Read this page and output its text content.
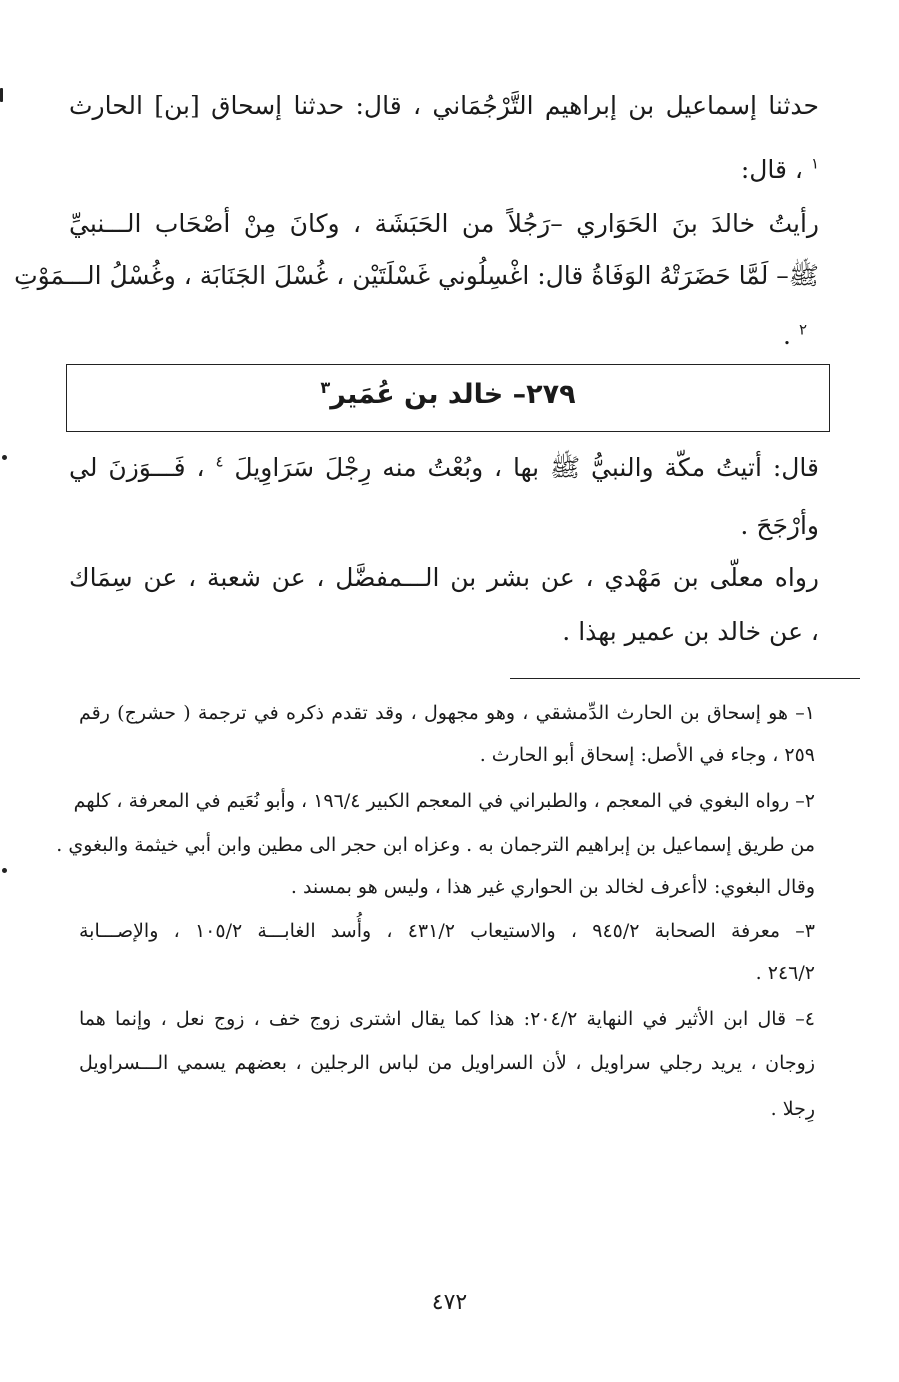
حدثنا إسماعيل بن إبراهيم التَّرْجُمَاني ، قال: حدثنا إسحاق [بن] الحارث
$^١$ ، قال:
رأيتُ خالدَ بنَ الحَوَاري –رَجُلاً من الحَبَشَة ، وكانَ مِنْ أصْحَاب الـــنبيِّ
ﷺ– لَمَّا حَضَرَتْهُ الوَفَاةُ قال: اغْسِلُوني غَسْلَتَيْن ، غُسْلَ الجَنَابَة ، وغُسْلُ الـــمَوْتِ
$^٢$ .
٢٧٩– خالد بن عُمَير$^٣$
قال: أتيتُ مكّة والنبيُّ ﷺ بها ، وبُعْتُ منه رِجْلَ سَرَاوِيلَ $^٤$ ، فَـــوَزنَ لي
وأرْجَحَ .
رواه معلّى بن مَهْدي ، عن بشر بن الـــمفضَّل ، عن شعبة ، عن سِمَاك
، عن خالد بن عمير بهذا .
١– هو إسحاق بن الحارث الدِّمشقي ، وهو مجهول ، وقد تقدم ذكره في ترجمة ( حشرج) رقم
٢٥٩ ، وجاء في الأصل: إسحاق أبو الحارث .
٢– رواه البغوي في المعجم ، والطبراني في المعجم الكبير ١٩٦/٤ ، وأبو نُعَيم في المعرفة ، كلهم
من طريق إسماعيل بن إبراهيم الترجمان به . وعزاه ابن حجر الى مطين وابن أبي خيثمة والبغوي .
وقال البغوي: لاأعرف لخالد بن الحواري غير هذا ، وليس هو بمسند .
٣– معرفة الصحابة ٩٤٥/٢ ، والاستيعاب ٤٣١/٢ ، وأُسد الغابـــة ١٠٥/٢ ، والإصـــابة
٢٤٦/٢ .
٤– قال ابن الأثير في النهاية ٢٠٤/٢: هذا كما يقال اشترى زوج خف ، زوج نعل ، وإنما هما
زوجان ، يريد رجلي سراويل ، لأن السراويل من لباس الرجلين ، بعضهم يسمي الـــسراويل
رِجلا .
٤٧٢
